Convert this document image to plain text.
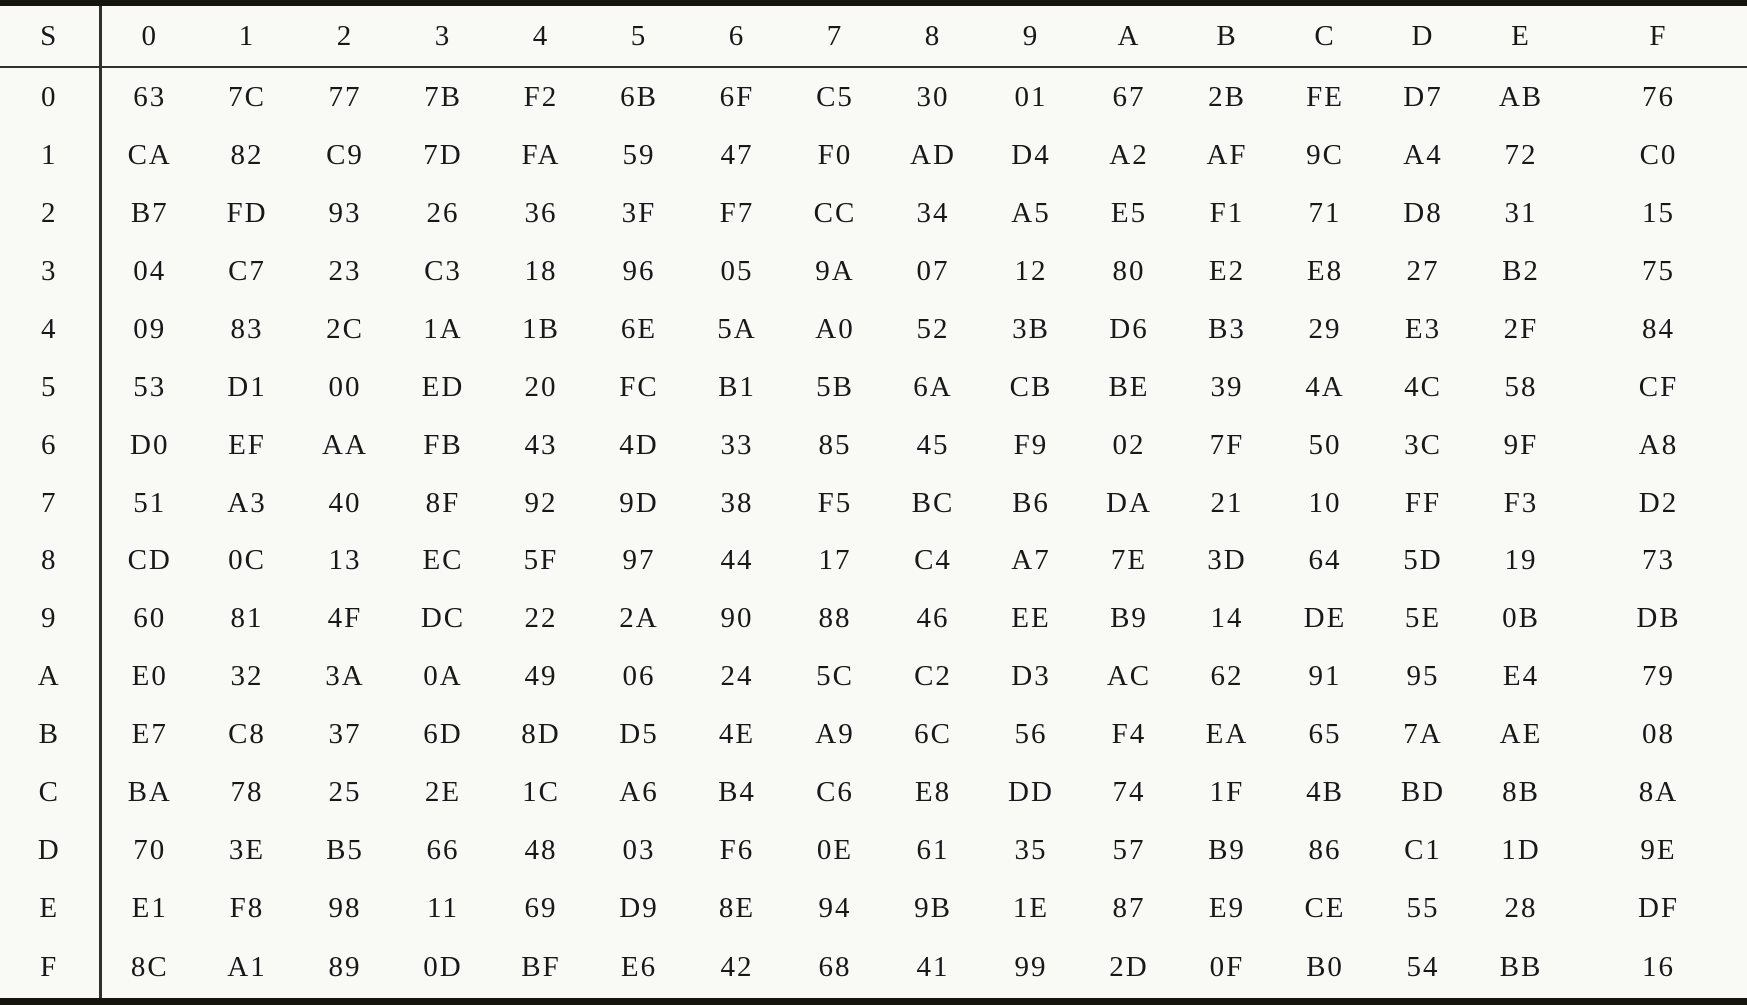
S	0	1	2	3	4	5	6	7	8	9	A	B	C	D	E	F
0	63	7C	77	7B	F2	6B	6F	C5	30	01	67	2B	FE	D7	AB	76
1	CA	82	C9	7D	FA	59	47	F0	AD	D4	A2	AF	9C	A4	72	C0
2	B7	FD	93	26	36	3F	F7	CC	34	A5	E5	F1	71	D8	31	15
3	04	C7	23	C3	18	96	05	9A	07	12	80	E2	E8	27	B2	75
4	09	83	2C	1A	1B	6E	5A	A0	52	3B	D6	B3	29	E3	2F	84
5	53	D1	00	ED	20	FC	B1	5B	6A	CB	BE	39	4A	4C	58	CF
6	D0	EF	AA	FB	43	4D	33	85	45	F9	02	7F	50	3C	9F	A8
7	51	A3	40	8F	92	9D	38	F5	BC	B6	DA	21	10	FF	F3	D2
8	CD	0C	13	EC	5F	97	44	17	C4	A7	7E	3D	64	5D	19	73
9	60	81	4F	DC	22	2A	90	88	46	EE	B9	14	DE	5E	0B	DB
A	E0	32	3A	0A	49	06	24	5C	C2	D3	AC	62	91	95	E4	79
B	E7	C8	37	6D	8D	D5	4E	A9	6C	56	F4	EA	65	7A	AE	08
C	BA	78	25	2E	1C	A6	B4	C6	E8	DD	74	1F	4B	BD	8B	8A
D	70	3E	B5	66	48	03	F6	0E	61	35	57	B9	86	C1	1D	9E
E	E1	F8	98	11	69	D9	8E	94	9B	1E	87	E9	CE	55	28	DF
F	8C	A1	89	0D	BF	E6	42	68	41	99	2D	0F	B0	54	BB	16
